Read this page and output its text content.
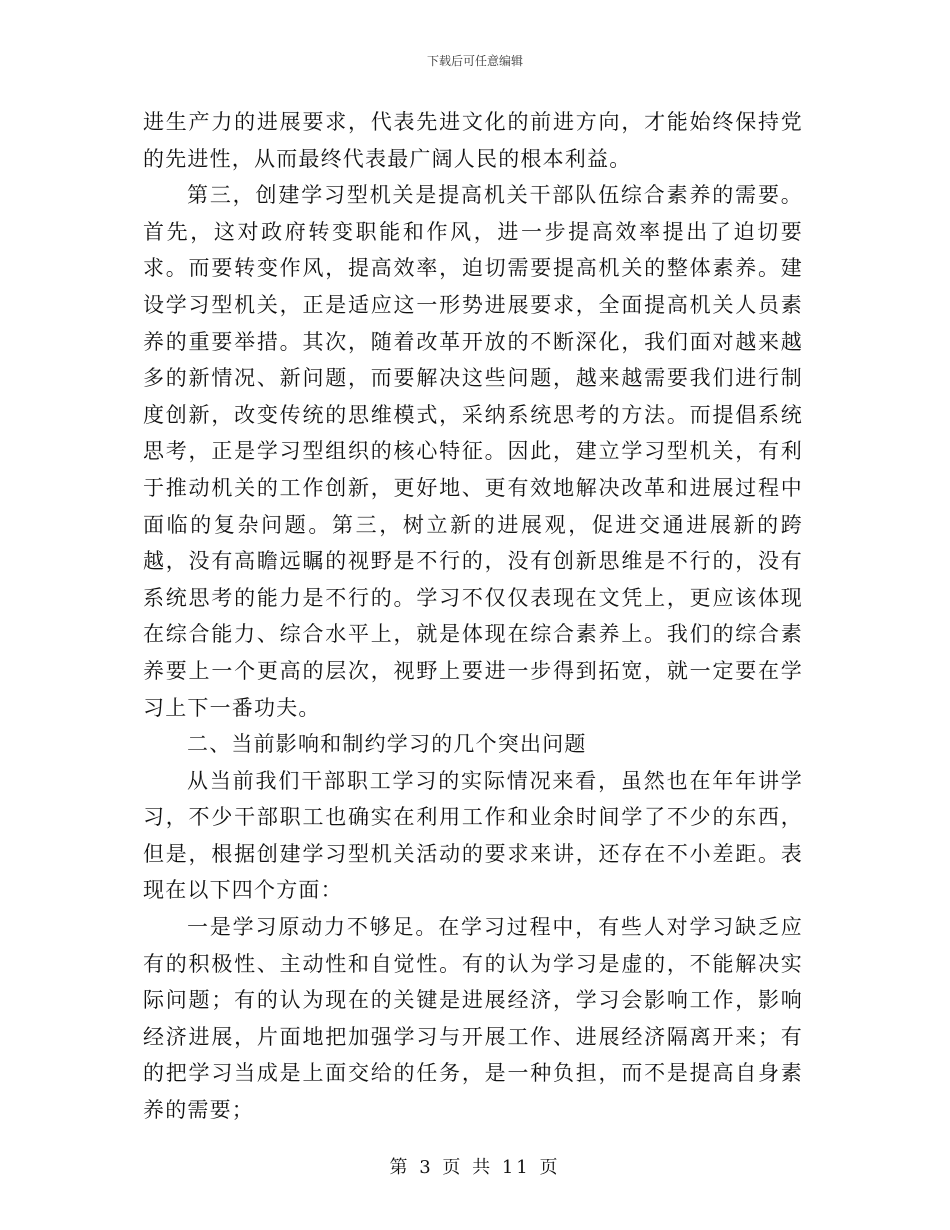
下载后可任意编辑

进生产力的进展要求，代表先进文化的前进方向，才能始终保持党的先进性，从而最终代表最广阔人民的根本利益。

第三，创建学习型机关是提高机关干部队伍综合素养的需要。首先，这对政府转变职能和作风，进一步提高效率提出了迫切要求。而要转变作风，提高效率，迫切需要提高机关的整体素养。建设学习型机关，正是适应这一形势进展要求，全面提高机关人员素养的重要举措。其次，随着改革开放的不断深化，我们面对越来越多的新情况、新问题，而要解决这些问题，越来越需要我们进行制度创新，改变传统的思维模式，采纳系统思考的方法。而提倡系统思考，正是学习型组织的核心特征。因此，建立学习型机关，有利于推动机关的工作创新，更好地、更有效地解决改革和进展过程中面临的复杂问题。第三，树立新的进展观，促进交通进展新的跨越，没有高瞻远瞩的视野是不行的，没有创新思维是不行的，没有系统思考的能力是不行的。学习不仅仅表现在文凭上，更应该体现在综合能力、综合水平上，就是体现在综合素养上。我们的综合素养要上一个更高的层次，视野上要进一步得到拓宽，就一定要在学习上下一番功夫。

二、当前影响和制约学习的几个突出问题

从当前我们干部职工学习的实际情况来看，虽然也在年年讲学习，不少干部职工也确实在利用工作和业余时间学了不少的东西，但是，根据创建学习型机关活动的要求来讲，还存在不小差距。表现在以下四个方面：

一是学习原动力不够足。在学习过程中，有些人对学习缺乏应有的积极性、主动性和自觉性。有的认为学习是虚的，不能解决实际问题；有的认为现在的关键是进展经济，学习会影响工作，影响经济进展，片面地把加强学习与开展工作、进展经济隔离开来；有的把学习当成是上面交给的任务，是一种负担，而不是提高自身素养的需要；

第 3 页 共 11 页
